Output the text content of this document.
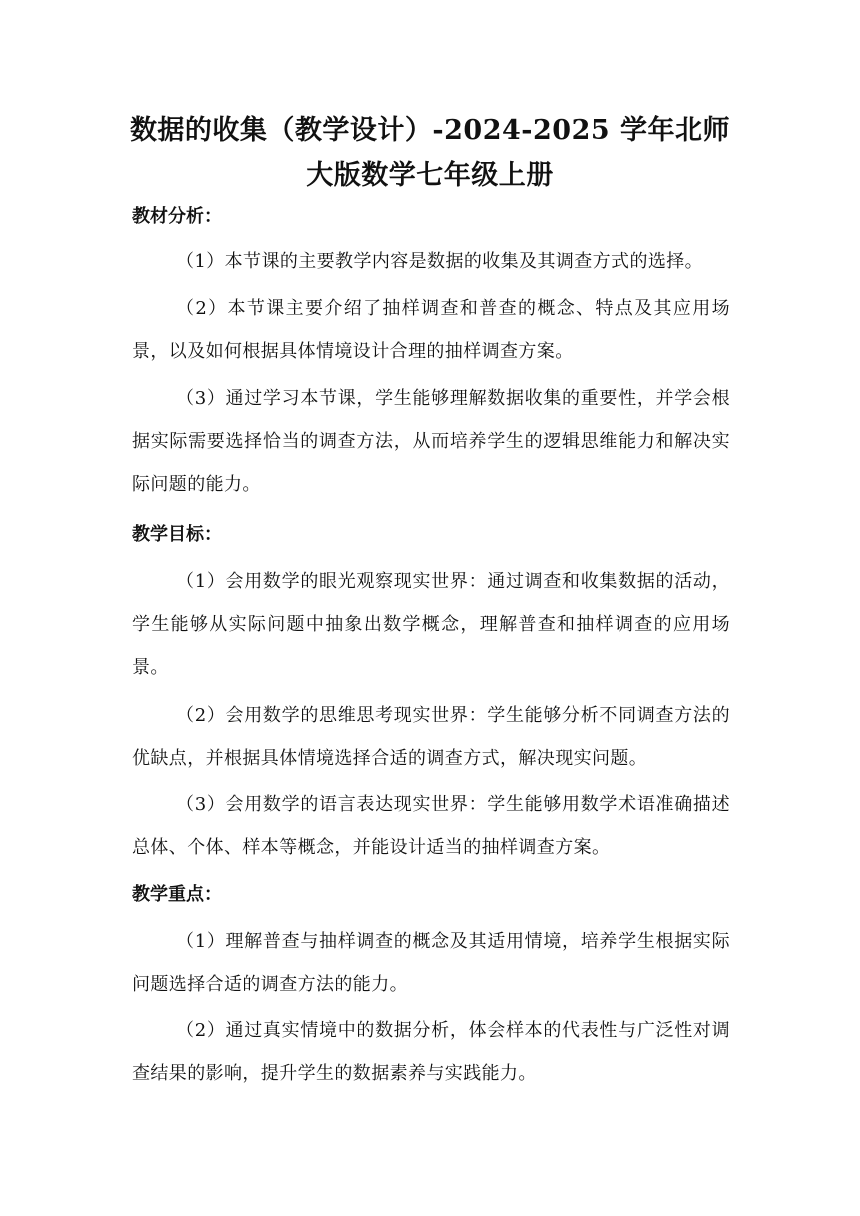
数据的收集（教学设计）-2024-2025 学年北师大版数学七年级上册
教材分析：
（1）本节课的主要教学内容是数据的收集及其调查方式的选择。
（2）本节课主要介绍了抽样调查和普查的概念、特点及其应用场景，以及如何根据具体情境设计合理的抽样调查方案。
（3）通过学习本节课，学生能够理解数据收集的重要性，并学会根据实际需要选择恰当的调查方法，从而培养学生的逻辑思维能力和解决实际问题的能力。
教学目标：
（1）会用数学的眼光观察现实世界：通过调查和收集数据的活动，学生能够从实际问题中抽象出数学概念，理解普查和抽样调查的应用场景。
（2）会用数学的思维思考现实世界：学生能够分析不同调查方法的优缺点，并根据具体情境选择合适的调查方式，解决现实问题。
（3）会用数学的语言表达现实世界：学生能够用数学术语准确描述总体、个体、样本等概念，并能设计适当的抽样调查方案。
教学重点：
（1）理解普查与抽样调查的概念及其适用情境，培养学生根据实际问题选择合适的调查方法的能力。
（2）通过真实情境中的数据分析，体会样本的代表性与广泛性对调查结果的影响，提升学生的数据素养与实践能力。
